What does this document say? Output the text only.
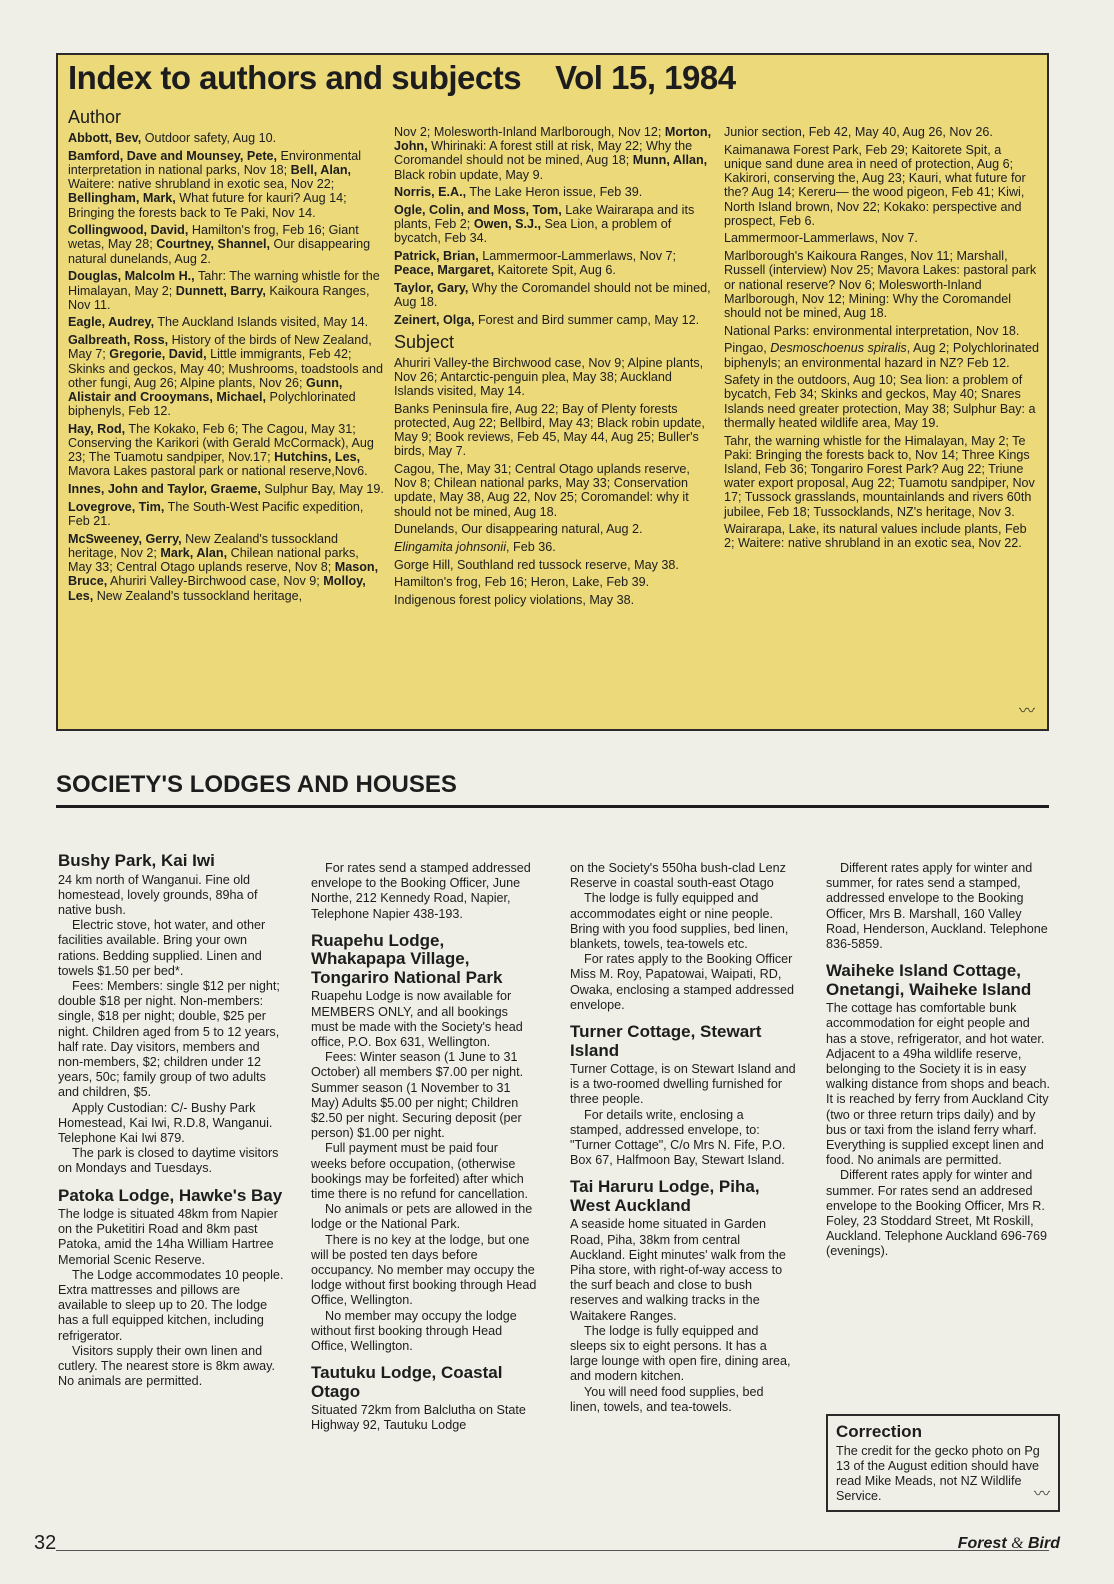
Index to authors and subjects Vol 15, 1984
Author

Abbott, Bev, Outdoor safety, Aug 10.

Bamford, Dave and Mounsey, Pete, Environmental interpretation in national parks, Nov 18; Bell, Alan, Waitere: native shrubland in exotic sea, Nov 22; Bellingham, Mark, What future for kauri? Aug 14; Bringing the forests back to Te Paki, Nov 14.

Collingwood, David, Hamilton's frog, Feb 16; Giant wetas, May 28; Courtney, Shannel, Our disappearing natural dunelands, Aug 2.

Douglas, Malcolm H., Tahr: The warning whistle for the Himalayan, May 2; Dunnett, Barry, Kaikoura Ranges, Nov 11.

Eagle, Audrey, The Auckland Islands visited, May 14.

Galbreath, Ross, History of the birds of New Zealand, May 7; Gregorie, David, Little immigrants, Feb 42; Skinks and geckos, May 40; Mushrooms, toadstools and other fungi, Aug 26; Alpine plants, Nov 26; Gunn, Alistair and Crooymans, Michael, Polychlorinated biphenyls, Feb 12.

Hay, Rod, The Kokako, Feb 6; The Cagou, May 31; Conserving the Karikori (with Gerald McCormack), Aug 23; The Tuamotu sandpiper, Nov.17; Hutchins, Les, Mavora Lakes pastoral park or national reserve,Nov6.

Innes, John and Taylor, Graeme, Sulphur Bay, May 19.

Lovegrove, Tim, The South-West Pacific expedition, Feb 21.

McSweeney, Gerry, New Zealand's tussockland heritage, Nov 2; Mark, Alan, Chilean national parks, May 33; Central Otago uplands reserve, Nov 8; Mason, Bruce, Ahuriri Valley-Birchwood case, Nov 9; Molloy, Les, New Zealand's tussockland heritage,

Nov 2; Molesworth-Inland Marlborough, Nov 12; Morton, John, Whirinaki: A forest still at risk, May 22; Why the Coromandel should not be mined, Aug 18; Munn, Allan, Black robin update, May 9.

Norris, E.A., The Lake Heron issue, Feb 39.

Ogle, Colin, and Moss, Tom, Lake Wairarapa and its plants, Feb 2; Owen, S.J., Sea Lion, a problem of bycatch, Feb 34.

Patrick, Brian, Lammermoor-Lammerlaws, Nov 7; Peace, Margaret, Kaitorete Spit, Aug 6.

Taylor, Gary, Why the Coromandel should not be mined, Aug 18.

Zeinert, Olga, Forest and Bird summer camp, May 12.

Subject

Ahuriri Valley-the Birchwood case, Nov 9; Alpine plants, Nov 26; Antarctic-penguin plea, May 38; Auckland Islands visited, May 14.

Banks Peninsula fire, Aug 22; Bay of Plenty forests protected, Aug 22; Bellbird, May 43; Black robin update, May 9; Book reviews, Feb 45, May 44, Aug 25; Buller's birds, May 7.

Cagou, The, May 31; Central Otago uplands reserve, Nov 8; Chilean national parks, May 33; Conservation update, May 38, Aug 22, Nov 25; Coromandel: why it should not be mined, Aug 18.

Dunelands, Our disappearing natural, Aug 2.

Elingamita johnsonii, Feb 36.

Gorge Hill, Southland red tussock reserve, May 38.

Hamilton's frog, Feb 16; Heron, Lake, Feb 39.

Indigenous forest policy violations, May 38.

Junior section, Feb 42, May 40, Aug 26, Nov 26.

Kaimanawa Forest Park, Feb 29; Kaitorete Spit, a unique sand dune area in need of protection, Aug 6; Kakirori, conserving the, Aug 23; Kauri, what future for the? Aug 14; Kereru— the wood pigeon, Feb 41; Kiwi, North Island brown, Nov 22; Kokako: perspective and prospect, Feb 6.

Lammermoor-Lammerlaws, Nov 7.

Marlborough's Kaikoura Ranges, Nov 11; Marshall, Russell (interview) Nov 25; Mavora Lakes: pastoral park or national reserve? Nov 6; Molesworth-Inland Marlborough, Nov 12; Mining: Why the Coromandel should not be mined, Aug 18.

National Parks: environmental interpretation, Nov 18.

Pingao, Desmoschoenus spiralis, Aug 2; Polychlorinated biphenyls; an environmental hazard in NZ? Feb 12.

Safety in the outdoors, Aug 10; Sea lion: a problem of bycatch, Feb 34; Skinks and geckos, May 40; Snares Islands need greater protection, May 38; Sulphur Bay: a thermally heated wildlife area, May 19.

Tahr, the warning whistle for the Himalayan, May 2; Te Paki: Bringing the forests back to, Nov 14; Three Kings Island, Feb 36; Tongariro Forest Park? Aug 22; Triune water export proposal, Aug 22; Tuamotu sandpiper, Nov 17; Tussock grasslands, mountainlands and rivers 60th jubilee, Feb 18; Tussocklands, NZ's heritage, Nov 3.

Wairarapa, Lake, its natural values include plants, Feb 2; Waitere: native shrubland in an exotic sea, Nov 22.

〰
SOCIETY'S LODGES AND HOUSES
Bushy Park, Kai Iwi

24 km north of Wanganui. Fine old homestead, lovely grounds, 89ha of native bush.

Electric stove, hot water, and other facilities available. Bring your own rations. Bedding supplied. Linen and towels $1.50 per bed*.

Fees: Members: single $12 per night; double $18 per night. Non-members: single, $18 per night; double, $25 per night. Children aged from 5 to 12 years, half rate. Day visitors, members and non-members, $2; children under 12 years, 50c; family group of two adults and children, $5.

Apply Custodian: C/- Bushy Park Homestead, Kai Iwi, R.D.8, Wanganui. Telephone Kai Iwi 879.

The park is closed to daytime visitors on Mondays and Tuesdays.

Patoka Lodge, Hawke's Bay

The lodge is situated 48km from Napier on the Puketitiri Road and 8km past Patoka, amid the 14ha William Hartree Memorial Scenic Reserve.

The Lodge accommodates 10 people. Extra mattresses and pillows are available to sleep up to 20. The lodge has a full equipped kitchen, including refrigerator.

Visitors supply their own linen and cutlery. The nearest store is 8km away. No animals are permitted.

For rates send a stamped addressed envelope to the Booking Officer, June Northe, 212 Kennedy Road, Napier, Telephone Napier 438-193.

Ruapehu Lodge, Whakapapa Village, Tongariro National Park

Ruapehu Lodge is now available for MEMBERS ONLY, and all bookings must be made with the Society's head office, P.O. Box 631, Wellington.

Fees: Winter season (1 June to 31 October) all members $7.00 per night. Summer season (1 November to 31 May) Adults $5.00 per night; Children $2.50 per night. Securing deposit (per person) $1.00 per night.

Full payment must be paid four weeks before occupation, (otherwise bookings may be forfeited) after which time there is no refund for cancellation.

No animals or pets are allowed in the lodge or the National Park.

There is no key at the lodge, but one will be posted ten days before occupancy. No member may occupy the lodge without first booking through Head Office, Wellington.

No member may occupy the lodge without first booking through Head Office, Wellington.

Tautuku Lodge, Coastal Otago

Situated 72km from Balclutha on State Highway 92, Tautuku Lodge

on the Society's 550ha bush-clad Lenz Reserve in coastal south-east Otago

The lodge is fully equipped and accommodates eight or nine people. Bring with you food supplies, bed linen, blankets, towels, tea-towels etc.

For rates apply to the Booking Officer Miss M. Roy, Papatowai, Waipati, RD, Owaka, enclosing a stamped addressed envelope.

Turner Cottage, Stewart Island

Turner Cottage, is on Stewart Island and is a two-roomed dwelling furnished for three people.

For details write, enclosing a stamped, addressed envelope, to: "Turner Cottage", C/o Mrs N. Fife, P.O. Box 67, Halfmoon Bay, Stewart Island.

Tai Haruru Lodge, Piha, West Auckland

A seaside home situated in Garden Road, Piha, 38km from central Auckland. Eight minutes' walk from the Piha store, with right-of-way access to the surf beach and close to bush reserves and walking tracks in the Waitakere Ranges.

The lodge is fully equipped and sleeps six to eight persons. It has a large lounge with open fire, dining area, and modern kitchen.

You will need food supplies, bed linen, towels, and tea-towels.

Different rates apply for winter and summer, for rates send a stamped, addressed envelope to the Booking Officer, Mrs B. Marshall, 160 Valley Road, Henderson, Auckland. Telephone 836-5859.

Waiheke Island Cottage, Onetangi, Waiheke Island

The cottage has comfortable bunk accommodation for eight people and has a stove, refrigerator, and hot water. Adjacent to a 49ha wildlife reserve, belonging to the Society it is in easy walking distance from shops and beach. It is reached by ferry from Auckland City (two or three return trips daily) and by bus or taxi from the island ferry wharf. Everything is supplied except linen and food. No animals are permitted.

Different rates apply for winter and summer. For rates send an addresed envelope to the Booking Officer, Mrs R. Foley, 23 Stoddard Street, Mt Roskill, Auckland. Telephone Auckland 696-769 (evenings).

Correction

The credit for the gecko photo on Pg 13 of the August edition should have read Mike Meads, not NZ Wildlife Service.	〰
32	Forest & Bird
